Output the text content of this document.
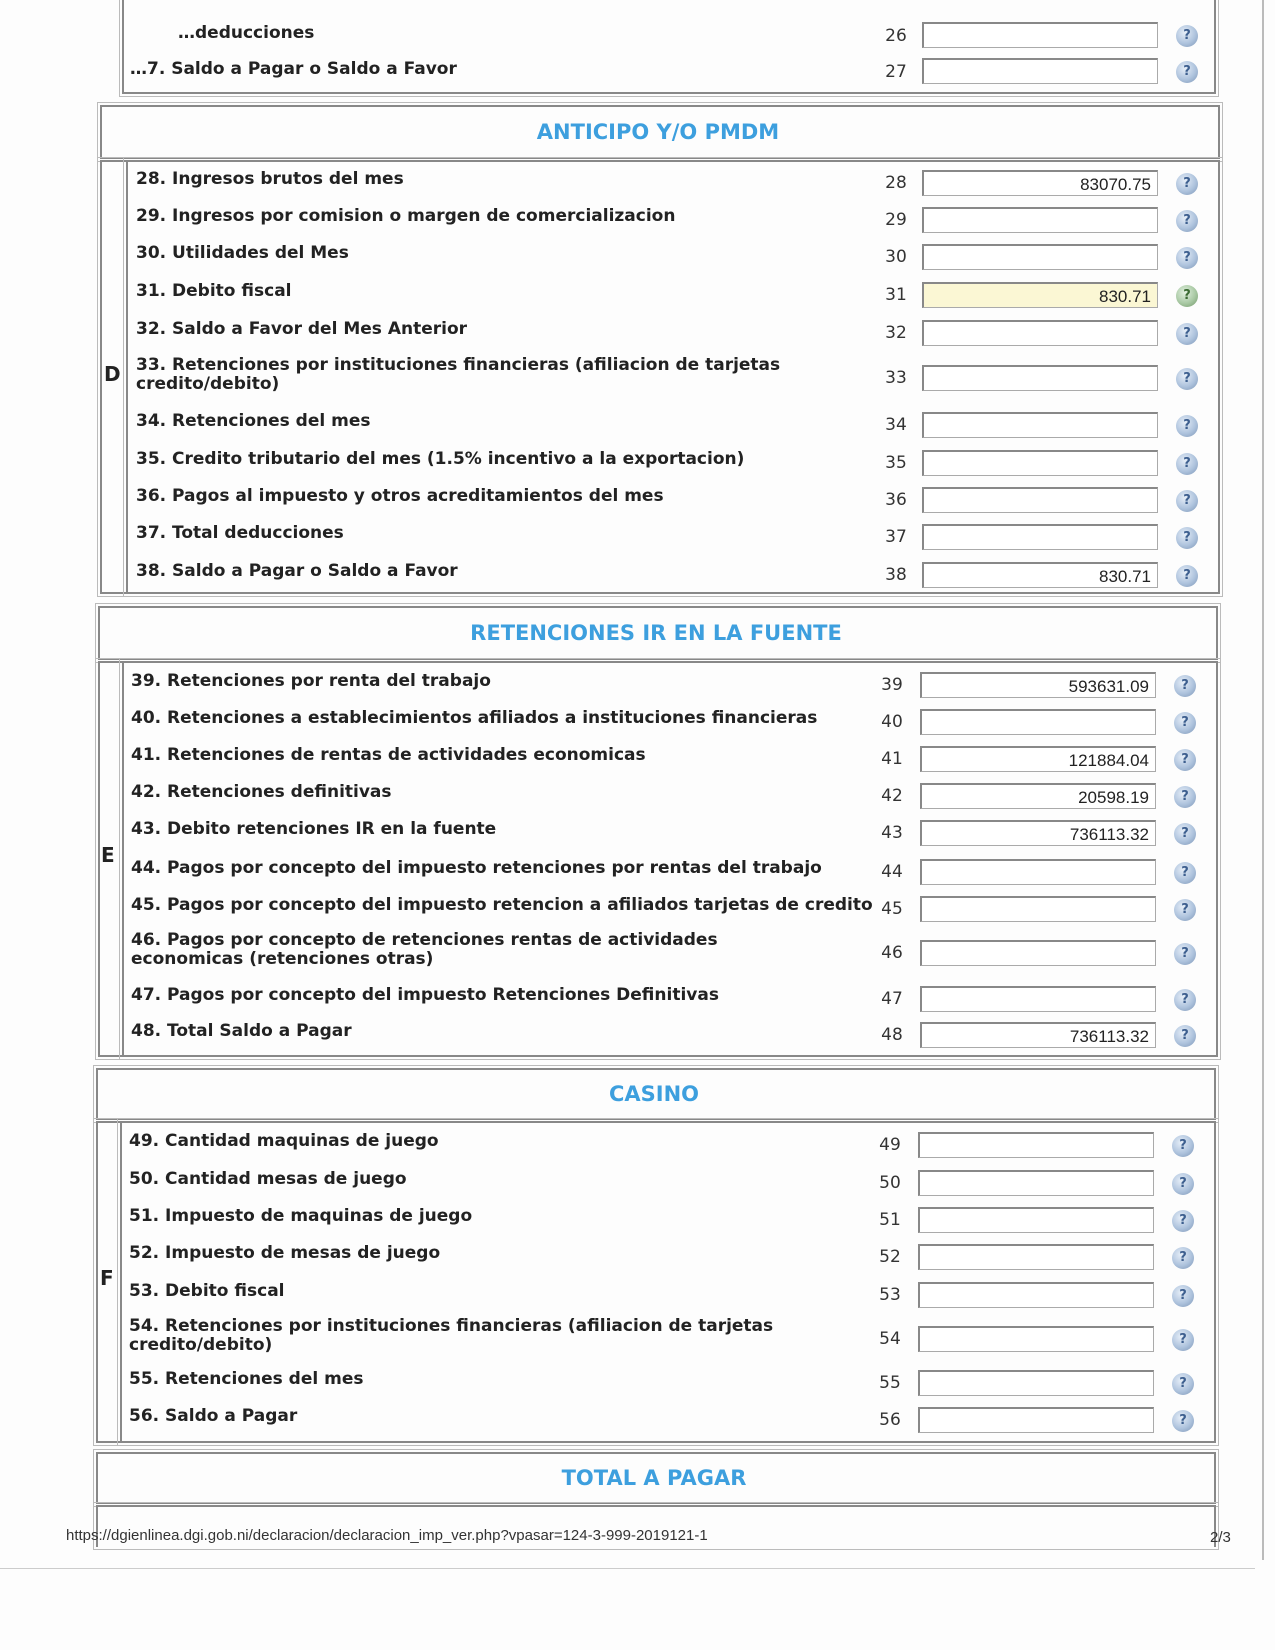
…deducciones	26	?
…7. Saldo a Pagar o Saldo a Favor	27	?
ANTICIPO Y/O PMDM
D
28. Ingresos brutos del mes	28	83070.75	?
29. Ingresos por comision o margen de comercializacion	29	?
30. Utilidades del Mes	30	?
31. Debito fiscal	31	830.71	?
32. Saldo a Favor del Mes Anterior	32	?
33. Retenciones por instituciones financieras (afiliacion de tarjetas credito/debito)	33	?
34. Retenciones del mes	34	?
35. Credito tributario del mes (1.5% incentivo a la exportacion)	35	?
36. Pagos al impuesto y otros acreditamientos del mes	36	?
37. Total deducciones	37	?
38. Saldo a Pagar o Saldo a Favor	38	830.71	?
RETENCIONES IR EN LA FUENTE
E
39. Retenciones por renta del trabajo	39	593631.09	?
40. Retenciones a establecimientos afiliados a instituciones financieras	40	?
41. Retenciones de rentas de actividades economicas	41	121884.04	?
42. Retenciones definitivas	42	20598.19	?
43. Debito retenciones IR en la fuente	43	736113.32	?
44. Pagos por concepto del impuesto retenciones por rentas del trabajo	44	?
45. Pagos por concepto del impuesto retencion a afiliados tarjetas de credito 45	?
46. Pagos por concepto de retenciones rentas de actividades economicas (retenciones otras)	46	?
47. Pagos por concepto del impuesto Retenciones Definitivas	47	?
48. Total Saldo a Pagar	48	736113.32	?
CASINO
F
49. Cantidad maquinas de juego	49	?
50. Cantidad mesas de juego	50	?
51. Impuesto de maquinas de juego	51	?
52. Impuesto de mesas de juego	52	?
53. Debito fiscal	53	?
54. Retenciones por instituciones financieras (afiliacion de tarjetas credito/debito)	54	?
55. Retenciones del mes	55	?
56. Saldo a Pagar	56	?
TOTAL A PAGAR
https://dgienlinea.dgi.gob.ni/declaracion/declaracion_imp_ver.php?vpasar=124-3-999-2019121-1	2/3
